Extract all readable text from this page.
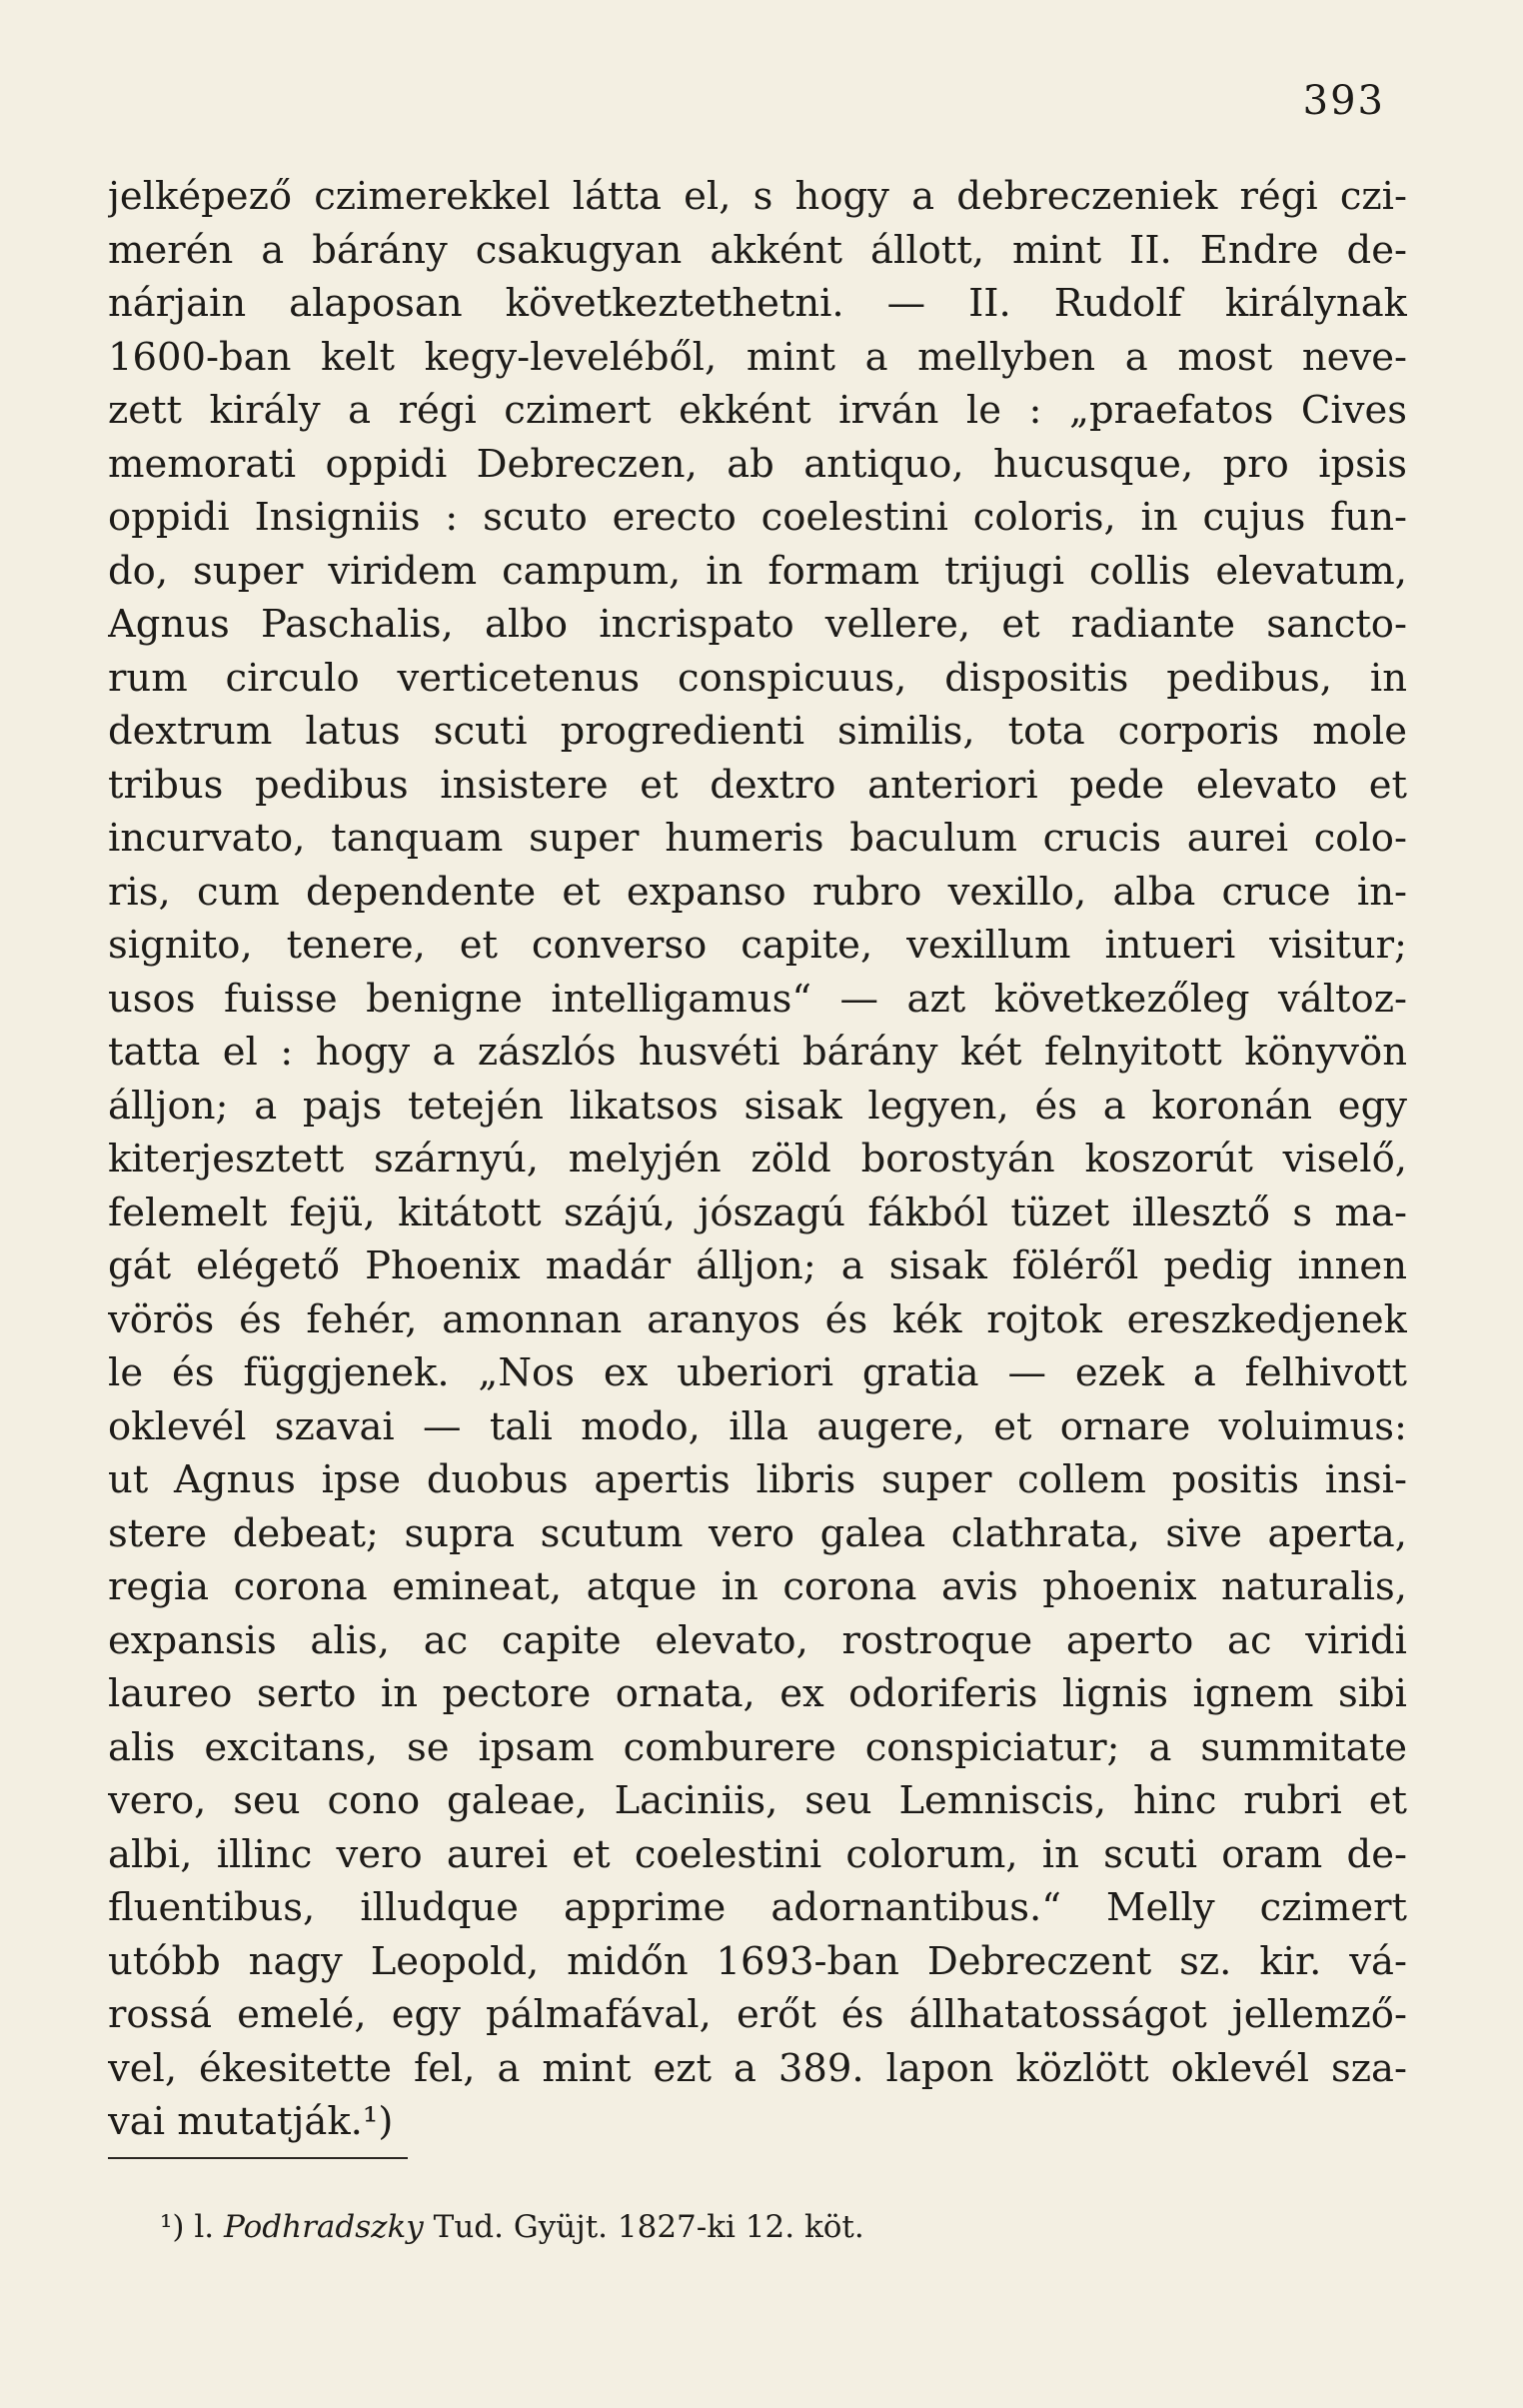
393
jelképező czimerekkel látta el, s hogy a debreczeniek régi czi-
merén a bárány csakugyan akként állott, mint II. Endre de-
nárjain alaposan következtethetni. — II. Rudolf királynak
1600-ban kelt kegy-leveléből, mint a mellyben a most neve-
zett király a régi czimert ekként irván le : „praefatos Cives
memorati oppidi Debreczen, ab antiquo, hucusque, pro ipsis
oppidi Insigniis : scuto erecto coelestini coloris, in cujus fun-
do, super viridem campum, in formam trijugi collis elevatum,
Agnus Paschalis, albo incrispato vellere, et radiante sancto-
rum circulo verticetenus conspicuus, dispositis pedibus, in
dextrum latus scuti progredienti similis, tota corporis mole
tribus pedibus insistere et dextro anteriori pede elevato et
incurvato, tanquam super humeris baculum crucis aurei colo-
ris, cum dependente et expanso rubro vexillo, alba cruce in-
signito, tenere, et converso capite, vexillum intueri visitur;
usos fuisse benigne intelligamus“ — azt következőleg változ-
tatta el : hogy a zászlós husvéti bárány két felnyitott könyvön
álljon; a pajs tetején likatsos sisak legyen, és a koronán egy
kiterjesztett szárnyú, melyjén zöld borostyán koszorút viselő,
felemelt fejü, kitátott szájú, jószagú fákból tüzet illesztő s ma-
gát elégető Phoenix madár álljon; a sisak föléről pedig innen
vörös és fehér, amonnan aranyos és kék rojtok ereszkedjenek
le és függjenek. „Nos ex uberiori gratia — ezek a felhivott
oklevél szavai — tali modo, illa augere, et ornare voluimus:
ut Agnus ipse duobus apertis libris super collem positis insi-
stere debeat; supra scutum vero galea clathrata, sive aperta,
regia corona emineat, atque in corona avis phoenix naturalis,
expansis alis, ac capite elevato, rostroque aperto ac viridi
laureo serto in pectore ornata, ex odoriferis lignis ignem sibi
alis excitans, se ipsam comburere conspiciatur; a summitate
vero, seu cono galeae, Laciniis, seu Lemniscis, hinc rubri et
albi, illinc vero aurei et coelestini colorum, in scuti oram de-
fluentibus, illudque apprime adornantibus.“ Melly czimert
utóbb nagy Leopold, midőn 1693-ban Debreczent sz. kir. vá-
rossá emelé, egy pálmafával, erőt és állhatatosságot jellemző-
vel, ékesitette fel, a mint ezt a 389. lapon közlött oklevél sza-
vai mutatják.¹)
¹) l. Podhradszky Tud. Gyüjt. 1827-ki 12. köt.
